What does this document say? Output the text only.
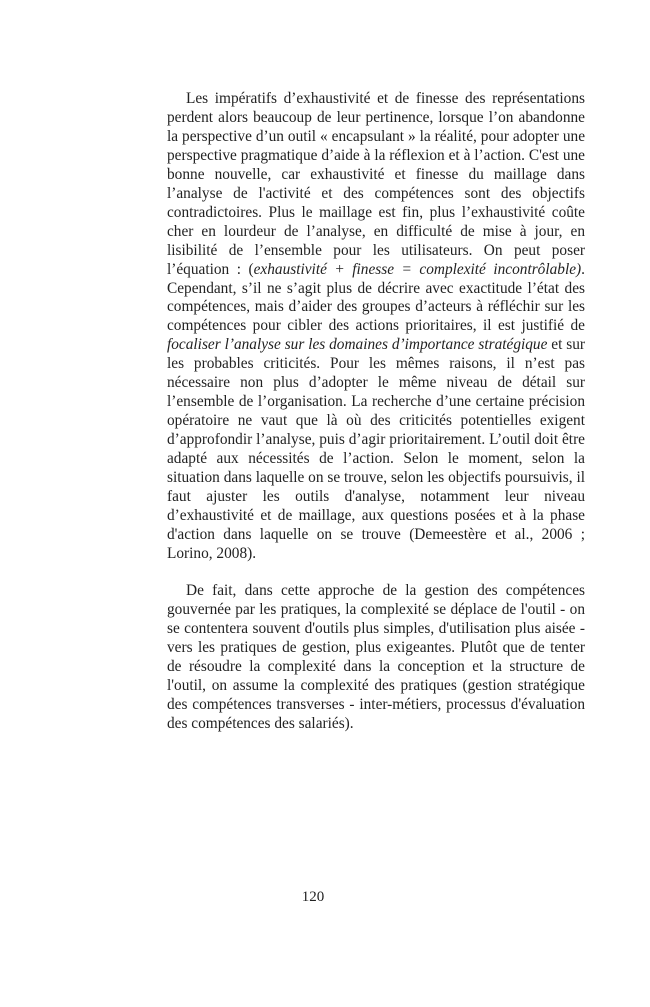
Les impératifs d’exhaustivité et de finesse des représentations perdent alors beaucoup de leur pertinence, lorsque l’on abandonne la perspective d’un outil « encapsulant » la réalité, pour adopter une perspective pragmatique d’aide à la réflexion et à l’action. C'est une bonne nouvelle, car exhaustivité et finesse du maillage dans l’analyse de l'activité et des compétences sont des objectifs contradictoires. Plus le maillage est fin, plus l’exhaustivité coûte cher en lourdeur de l’analyse, en difficulté de mise à jour, en lisibilité de l’ensemble pour les utilisateurs. On peut poser l’équation : (exhaustivité + finesse = complexité incontrôlable). Cependant, s’il ne s’agit plus de décrire avec exactitude l’état des compétences, mais d’aider des groupes d’acteurs à réfléchir sur les compétences pour cibler des actions prioritaires, il est justifié de focaliser l’analyse sur les domaines d’importance stratégique et sur les probables criticités. Pour les mêmes raisons, il n’est pas nécessaire non plus d’adopter le même niveau de détail sur l’ensemble de l’organisation. La recherche d’une certaine précision opératoire ne vaut que là où des criticités potentielles exigent d’approfondir l’analyse, puis d’agir prioritairement. L’outil doit être adapté aux nécessités de l’action. Selon le moment, selon la situation dans laquelle on se trouve, selon les objectifs poursuivis, il faut ajuster les outils d'analyse, notamment leur niveau d’exhaustivité et de maillage, aux questions posées et à la phase d'action dans laquelle on se trouve (Demeestère et al., 2006 ; Lorino, 2008).

De fait, dans cette approche de la gestion des compétences gouvernée par les pratiques, la complexité se déplace de l'outil - on se contentera souvent d'outils plus simples, d'utilisation plus aisée - vers les pratiques de gestion, plus exigeantes. Plutôt que de tenter de résoudre la complexité dans la conception et la structure de l'outil, on assume la complexité des pratiques (gestion stratégique des compétences transverses - inter-métiers, processus d'évaluation des compétences des salariés).

120
